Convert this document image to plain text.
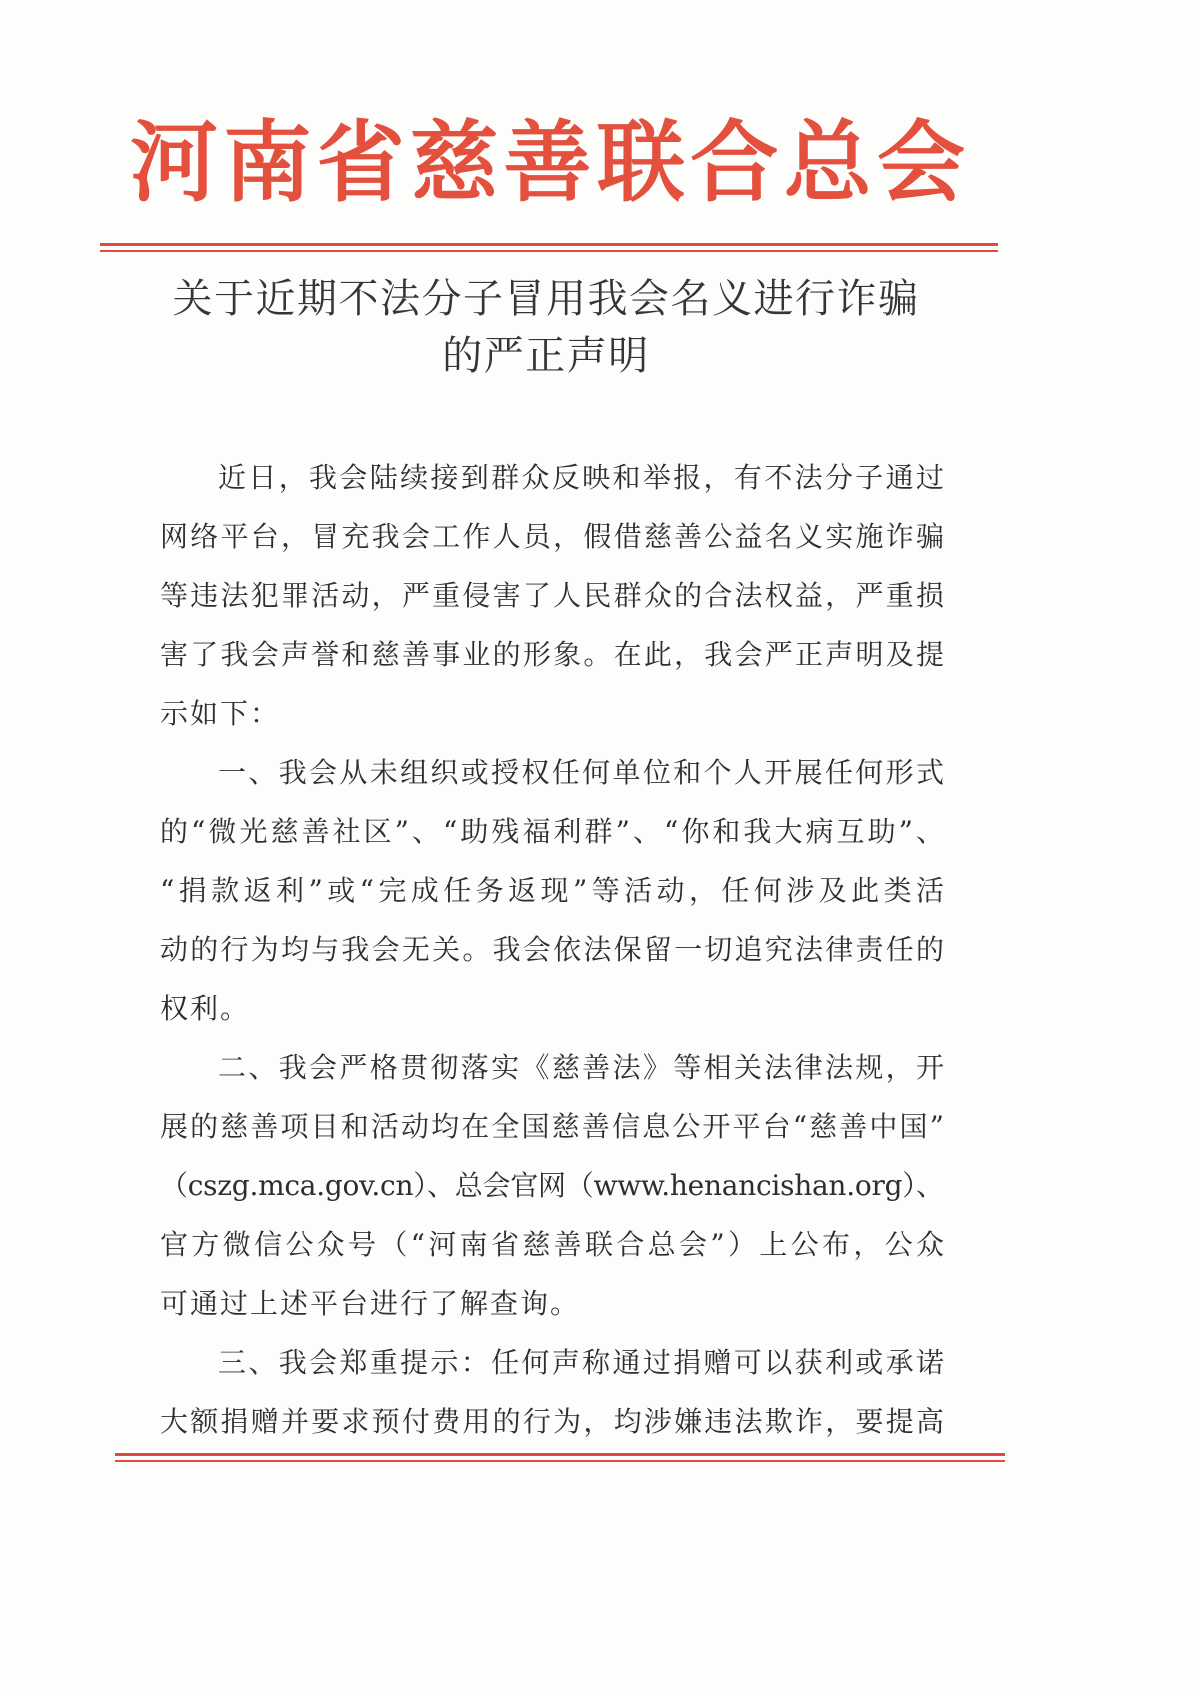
河南省慈善联合总会
关于近期不法分子冒用我会名义进行诈骗
的严正声明
近日，我会陆续接到群众反映和举报，有不法分子通过
网络平台，冒充我会工作人员，假借慈善公益名义实施诈骗
等违法犯罪活动，严重侵害了人民群众的合法权益，严重损
害了我会声誉和慈善事业的形象。在此，我会严正声明及提
示如下：
一、我会从未组织或授权任何单位和个人开展任何形式
的“微光慈善社区”、“助残福利群”、“你和我大病互助”、
“捐款返利”或“完成任务返现”等活动，任何涉及此类活
动的行为均与我会无关。我会依法保留一切追究法律责任的
权利。
二、我会严格贯彻落实《慈善法》等相关法律法规，开
展的慈善项目和活动均在全国慈善信息公开平台“慈善中国”
（cszg.mca.gov.cn）、总会官网（www.henancishan.org）、
官方微信公众号（“河南省慈善联合总会”）上公布，公众
可通过上述平台进行了解查询。
三、我会郑重提示：任何声称通过捐赠可以获利或承诺
大额捐赠并要求预付费用的行为，均涉嫌违法欺诈，要提高
